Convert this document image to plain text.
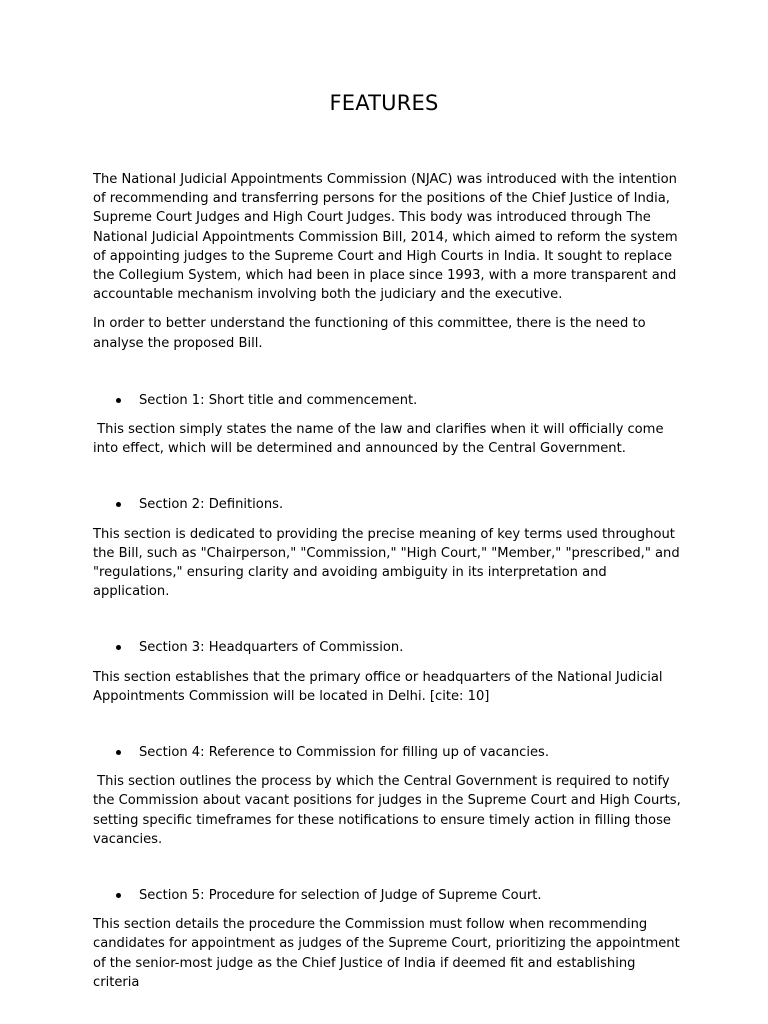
FEATURES

The National Judicial Appointments Commission (NJAC) was introduced with the intention of recommending and transferring persons for the positions of the Chief Justice of India, Supreme Court Judges and High Court Judges. This body was introduced through The National Judicial Appointments Commission Bill, 2014, which aimed to reform the system of appointing judges to the Supreme Court and High Courts in India. It sought to replace the Collegium System, which had been in place since 1993, with a more transparent and accountable mechanism involving both the judiciary and the executive.

In order to better understand the functioning of this committee, there is the need to analyse the proposed Bill.

Section 1: Short title and commencement.

This section simply states the name of the law and clarifies when it will officially come into effect, which will be determined and announced by the Central Government.

Section 2: Definitions.

This section is dedicated to providing the precise meaning of key terms used throughout the Bill, such as "Chairperson," "Commission," "High Court," "Member," "prescribed," and "regulations," ensuring clarity and avoiding ambiguity in its interpretation and application.

Section 3: Headquarters of Commission.

This section establishes that the primary office or headquarters of the National Judicial Appointments Commission will be located in Delhi. [cite: 10]

Section 4: Reference to Commission for filling up of vacancies.

This section outlines the process by which the Central Government is required to notify the Commission about vacant positions for judges in the Supreme Court and High Courts, setting specific timeframes for these notifications to ensure timely action in filling those vacancies.

Section 5: Procedure for selection of Judge of Supreme Court.

This section details the procedure the Commission must follow when recommending candidates for appointment as judges of the Supreme Court, prioritizing the appointment of the senior-most judge as the Chief Justice of India if deemed fit and establishing criteria
